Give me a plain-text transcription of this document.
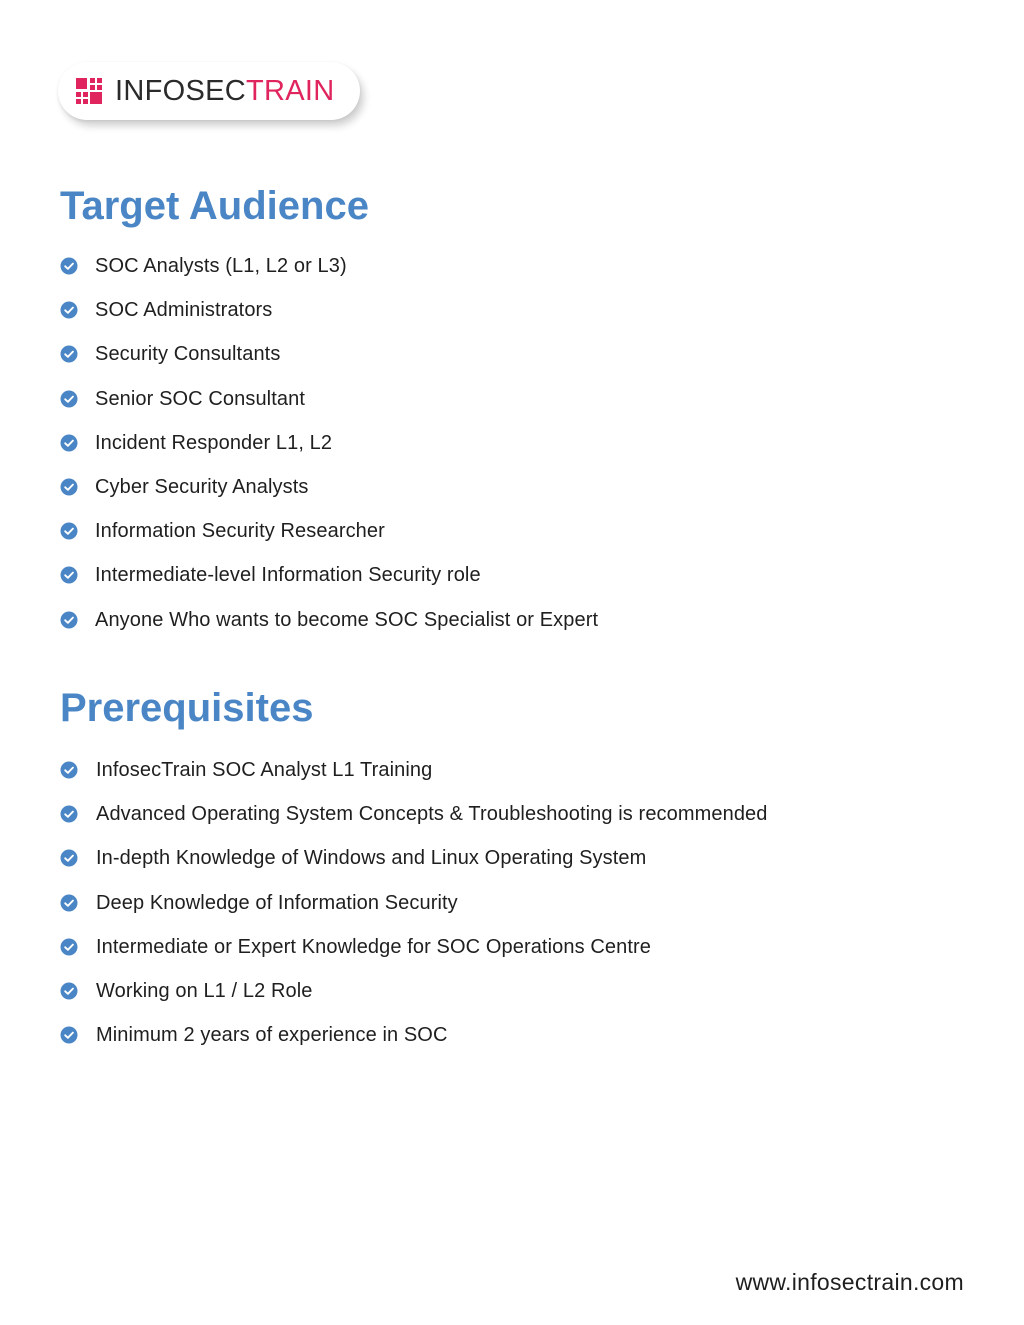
INFOSECTRAIN
Target Audience
SOC Analysts (L1, L2 or L3)
SOC Administrators
Security Consultants
Senior SOC Consultant
Incident Responder L1, L2
Cyber Security Analysts
Information Security Researcher
Intermediate-level Information Security role
Anyone Who wants to become SOC Specialist or Expert
Prerequisites
InfosecTrain SOC Analyst L1 Training
Advanced Operating System Concepts & Troubleshooting is recommended
In-depth Knowledge of Windows and Linux Operating System
Deep Knowledge of Information Security
Intermediate or Expert Knowledge for SOC Operations Centre
Working on L1 / L2 Role
Minimum 2 years of experience in SOC
www.infosectrain.com
